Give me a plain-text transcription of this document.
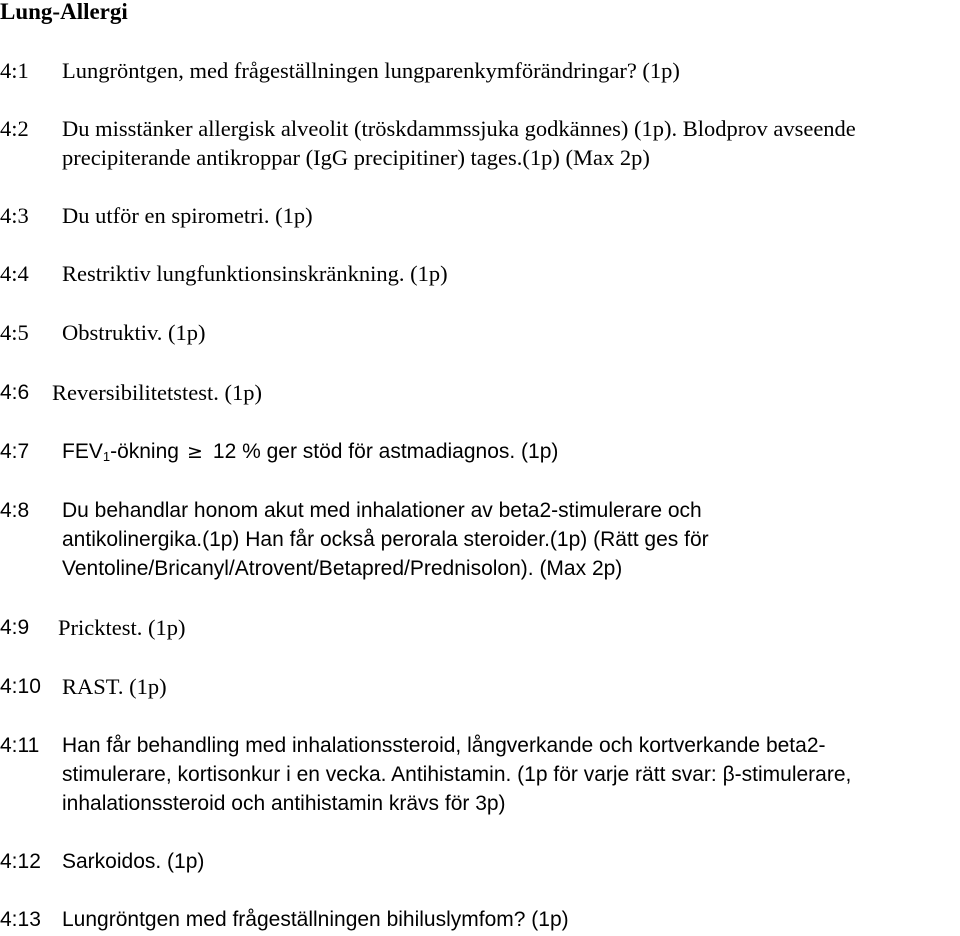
Lung-Allergi
4:1 Lungröntgen, med frågeställningen lungparenkymförändringar? (1p)
4:2 Du misstänker allergisk alveolit (tröskdammssjuka godkännes) (1p). Blodprov avseende
precipiterande antikroppar (IgG precipitiner) tages.(1p) (Max 2p)
4:3 Du utför en spirometri. (1p)
4:4 Restriktiv lungfunktionsinskränkning. (1p)
4:5 Obstruktiv. (1p)
4:6 Reversibilitetstest. (1p)
4:7 $FEV_1$-ökning ≥ 12 % ger stöd för astmadiagnos. (1p)
4:8 Du behandlar honom akut med inhalationer av beta2-stimulerare och
antikolinergika.(1p) Han får också perorala steroider.(1p) (Rätt ges för
Ventoline/Bricanyl/Atrovent/Betapred/Prednisolon). (Max 2p)
4:9 Pricktest. (1p)
4:10 RAST. (1p)
4:11 Han får behandling med inhalationssteroid, långverkande och kortverkande beta2-
stimulerare, kortisonkur i en vecka. Antihistamin. (1p för varje rätt svar: β-stimulerare,
inhalationssteroid och antihistamin krävs för 3p)
4:12 Sarkoidos. (1p)
4:13 Lungröntgen med frågeställningen bihiluslymfom? (1p)
